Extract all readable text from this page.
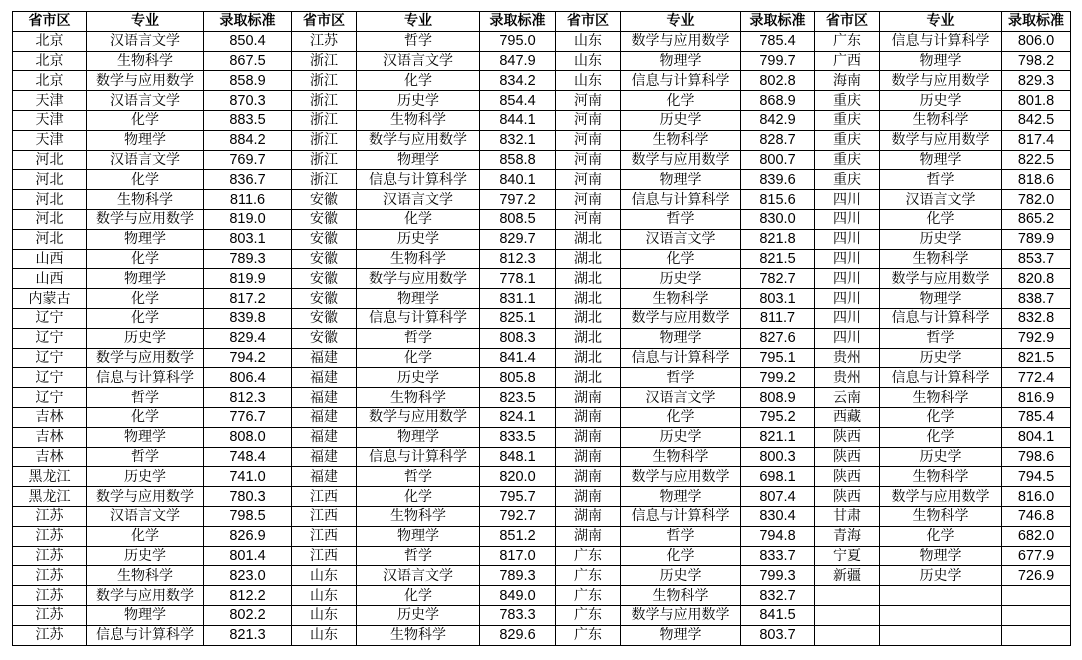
省市区	专业	录取标准	省市区	专业	录取标准	省市区	专业	录取标准	省市区	专业	录取标准
北京	汉语言文学	850.4	江苏	哲学	795.0	山东	数学与应用数学	785.4	广东	信息与计算科学	806.0
北京	生物科学	867.5	浙江	汉语言文学	847.9	山东	物理学	799.7	广西	物理学	798.2
北京	数学与应用数学	858.9	浙江	化学	834.2	山东	信息与计算科学	802.8	海南	数学与应用数学	829.3
天津	汉语言文学	870.3	浙江	历史学	854.4	河南	化学	868.9	重庆	历史学	801.8
天津	化学	883.5	浙江	生物科学	844.1	河南	历史学	842.9	重庆	生物科学	842.5
天津	物理学	884.2	浙江	数学与应用数学	832.1	河南	生物科学	828.7	重庆	数学与应用数学	817.4
河北	汉语言文学	769.7	浙江	物理学	858.8	河南	数学与应用数学	800.7	重庆	物理学	822.5
河北	化学	836.7	浙江	信息与计算科学	840.1	河南	物理学	839.6	重庆	哲学	818.6
河北	生物科学	811.6	安徽	汉语言文学	797.2	河南	信息与计算科学	815.6	四川	汉语言文学	782.0
河北	数学与应用数学	819.0	安徽	化学	808.5	河南	哲学	830.0	四川	化学	865.2
河北	物理学	803.1	安徽	历史学	829.7	湖北	汉语言文学	821.8	四川	历史学	789.9
山西	化学	789.3	安徽	生物科学	812.3	湖北	化学	821.5	四川	生物科学	853.7
山西	物理学	819.9	安徽	数学与应用数学	778.1	湖北	历史学	782.7	四川	数学与应用数学	820.8
内蒙古	化学	817.2	安徽	物理学	831.1	湖北	生物科学	803.1	四川	物理学	838.7
辽宁	化学	839.8	安徽	信息与计算科学	825.1	湖北	数学与应用数学	811.7	四川	信息与计算科学	832.8
辽宁	历史学	829.4	安徽	哲学	808.3	湖北	物理学	827.6	四川	哲学	792.9
辽宁	数学与应用数学	794.2	福建	化学	841.4	湖北	信息与计算科学	795.1	贵州	历史学	821.5
辽宁	信息与计算科学	806.4	福建	历史学	805.8	湖北	哲学	799.2	贵州	信息与计算科学	772.4
辽宁	哲学	812.3	福建	生物科学	823.5	湖南	汉语言文学	808.9	云南	生物科学	816.9
吉林	化学	776.7	福建	数学与应用数学	824.1	湖南	化学	795.2	西藏	化学	785.4
吉林	物理学	808.0	福建	物理学	833.5	湖南	历史学	821.1	陕西	化学	804.1
吉林	哲学	748.4	福建	信息与计算科学	848.1	湖南	生物科学	800.3	陕西	历史学	798.6
黑龙江	历史学	741.0	福建	哲学	820.0	湖南	数学与应用数学	698.1	陕西	生物科学	794.5
黑龙江	数学与应用数学	780.3	江西	化学	795.7	湖南	物理学	807.4	陕西	数学与应用数学	816.0
江苏	汉语言文学	798.5	江西	生物科学	792.7	湖南	信息与计算科学	830.4	甘肃	生物科学	746.8
江苏	化学	826.9	江西	物理学	851.2	湖南	哲学	794.8	青海	化学	682.0
江苏	历史学	801.4	江西	哲学	817.0	广东	化学	833.7	宁夏	物理学	677.9
江苏	生物科学	823.0	山东	汉语言文学	789.3	广东	历史学	799.3	新疆	历史学	726.9
江苏	数学与应用数学	812.2	山东	化学	849.0	广东	生物科学	832.7			
江苏	物理学	802.2	山东	历史学	783.3	广东	数学与应用数学	841.5			
江苏	信息与计算科学	821.3	山东	生物科学	829.6	广东	物理学	803.7			
